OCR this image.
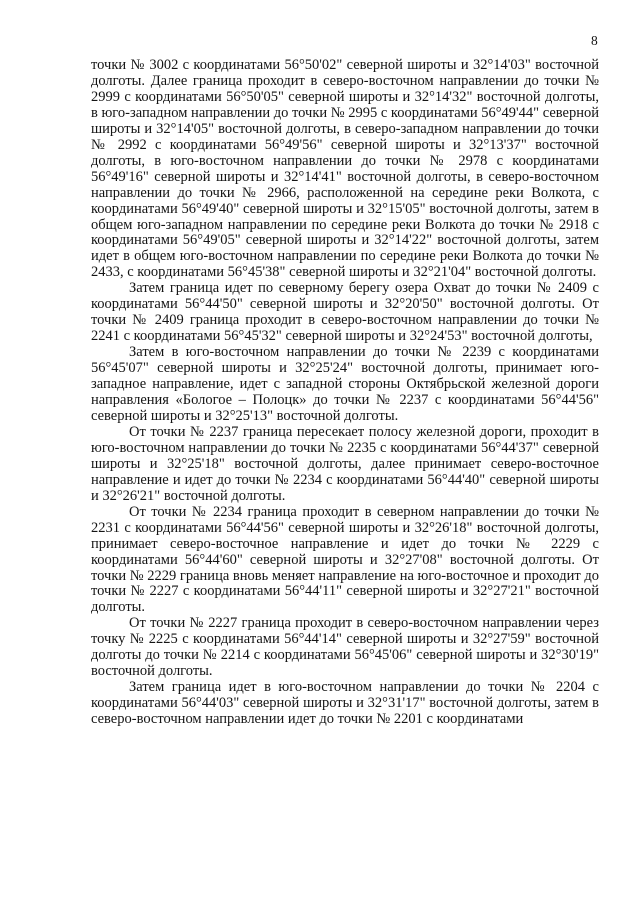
8

точки № 3002 с координатами 56°50'02" северной широты и 32°14'03" восточной долготы. Далее граница проходит в северо-восточном направлении до точки № 2999 с координатами 56°50'05" северной широты и 32°14'32" восточной долготы, в юго-западном направлении до точки № 2995 с координатами 56°49'44" северной широты и 32°14'05" восточной долготы, в северо-западном направлении до точки № 2992 с координатами 56°49'56" северной широты и 32°13'37" восточной долготы, в юго-восточном направлении до точки № 2978 с координатами 56°49'16" северной широты и 32°14'41" восточной долготы, в северо-восточном направлении до точки № 2966, расположенной на середине реки Волкота, с координатами 56°49'40" северной широты и 32°15'05" восточной долготы, затем в общем юго-западном направлении по середине реки Волкота до точки № 2918 с координатами 56°49'05" северной широты и 32°14'22" восточной долготы, затем идет в общем юго-восточном направлении по середине реки Волкота до точки № 2433, с координатами 56°45'38" северной широты и 32°21'04" восточной долготы.

Затем граница идет по северному берегу озера Охват до точки № 2409 с координатами 56°44'50" северной широты и 32°20'50" восточной долготы. От точки № 2409 граница проходит в северо-восточном направлении до точки № 2241 с координатами 56°45'32" северной широты и 32°24'53" восточной долготы,

Затем в юго-восточном направлении до точки № 2239 с координатами 56°45'07" северной широты и 32°25'24" восточной долготы, принимает юго-западное направление, идет с западной стороны Октябрьской железной дороги направления «Бологое – Полоцк» до точки № 2237 с координатами 56°44'56" северной широты и 32°25'13" восточной долготы.

От точки № 2237 граница пересекает полосу железной дороги, проходит в юго-восточном направлении до точки № 2235 с координатами 56°44'37" северной широты и 32°25'18" восточной долготы, далее принимает северо-восточное направление и идет до точки № 2234 с координатами 56°44'40" северной широты и 32°26'21" восточной долготы.

От точки № 2234 граница проходит в северном направлении до точки № 2231 с координатами 56°44'56" северной широты и 32°26'18" восточной долготы, принимает северо-восточное направление и идет до точки № 2229 с координатами 56°44'60" северной широты и 32°27'08" восточной долготы. От точки № 2229 граница вновь меняет направление на юго-восточное и проходит до точки № 2227 с координатами 56°44'11" северной широты и 32°27'21" восточной долготы.

От точки № 2227 граница проходит в северо-восточном направлении через точку № 2225 с координатами 56°44'14" северной широты и 32°27'59" восточной долготы до точки № 2214 с координатами 56°45'06" северной широты и 32°30'19" восточной долготы.

Затем граница идет в юго-восточном направлении до точки № 2204 с координатами 56°44'03" северной широты и 32°31'17" восточной долготы, затем в северо-восточном направлении идет до точки № 2201 с координатами
